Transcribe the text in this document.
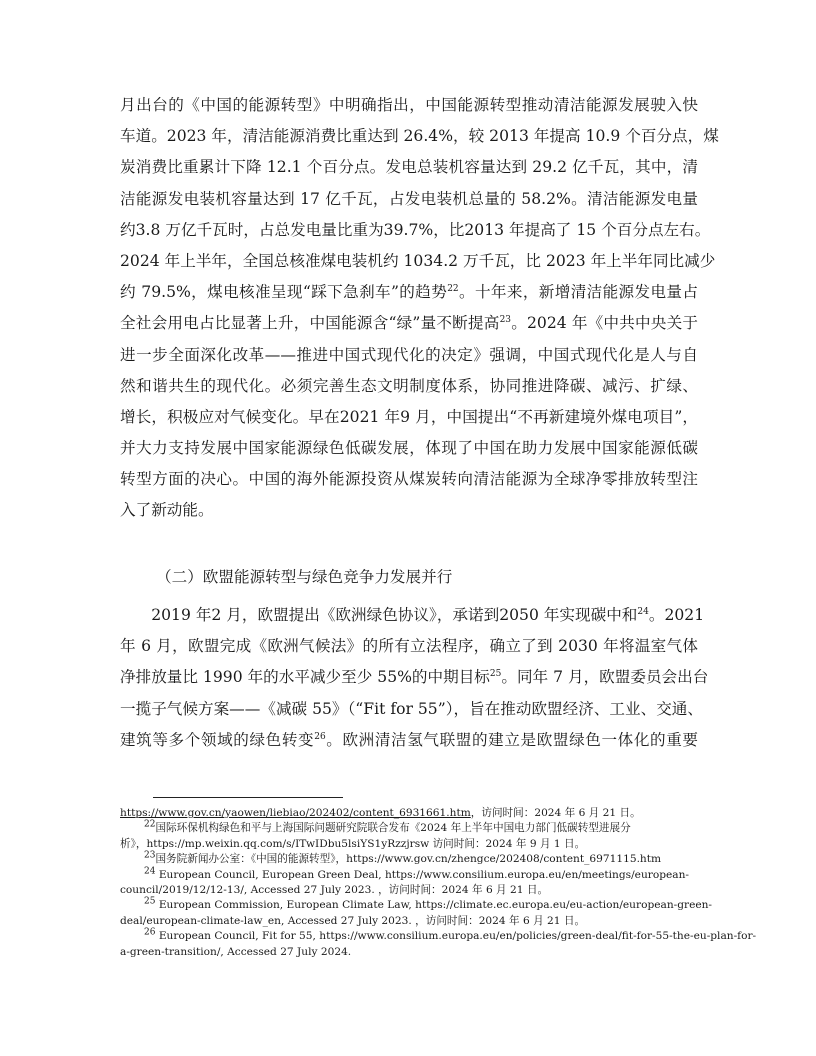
月出台的《中国的能源转型》中明确指出，中国能源转型推动清洁能源发展驶入快
车道。2023 年，清洁能源消费比重达到 26.4%，较 2013 年提高 10.9 个百分点，煤
炭消费比重累计下降 12.1 个百分点。发电总装机容量达到 29.2 亿千瓦，其中，清
洁能源发电装机容量达到 17 亿千瓦，占发电装机总量的 58.2%。清洁能源发电量
约3.8 万亿千瓦时，占总发电量比重为39.7%，比2013 年提高了 15 个百分点左右。
2024 年上半年，全国总核准煤电装机约 1034.2 万千瓦，比 2023 年上半年同比减少
约 79.5%，煤电核准呈现“踩下急刹车”的趋势$^{22}$。十年来，新增清洁能源发电量占
全社会用电占比显著上升，中国能源含“绿”量不断提高$^{23}$。2024 年《中共中央关于
进一步全面深化改革——推进中国式现代化的决定》强调，中国式现代化是人与自
然和谐共生的现代化。必须完善生态文明制度体系，协同推进降碳、减污、扩绿、
增长，积极应对气候变化。早在2021 年9 月，中国提出“不再新建境外煤电项目”，
并大力支持发展中国家能源绿色低碳发展，体现了中国在助力发展中国家能源低碳
转型方面的决心。中国的海外能源投资从煤炭转向清洁能源为全球净零排放转型注
入了新动能。
（二）欧盟能源转型与绿色竞争力发展并行
　　2019 年2 月，欧盟提出《欧洲绿色协议》，承诺到2050 年实现碳中和$^{24}$。2021
年 6 月，欧盟完成《欧洲气候法》的所有立法程序，确立了到 2030 年将温室气体
净排放量比 1990 年的水平减少至少 55%的中期目标$^{25}$。同年 7 月，欧盟委员会出台
一揽子气候方案——《减碳 55》（“Fit for 55”），旨在推动欧盟经济、工业、交通、
建筑等多个领域的绿色转变$^{26}$。欧洲清洁氢气联盟的建立是欧盟绿色一体化的重要
https://www.gov.cn/yaowen/liebiao/202402/content_6931661.htm，访问时间：2024 年 6 月 21 日。
$^{22}$国际环保机构绿色和平与上海国际问题研究院联合发布《2024 年上半年中国电力部门低碳转型进展分
析》，https://mp.weixin.qq.com/s/ITwIDbu5lsiYS1yRzzjrsw 访问时间：2024 年 9 月 1 日。
$^{23}$国务院新闻办公室：《中国的能源转型》，https://www.gov.cn/zhengce/202408/content_6971115.htm
$^{24}$ European Council, European Green Deal, https://www.consilium.europa.eu/en/meetings/european-
council/2019/12/12-13/, Accessed 27 July 2023. ，访问时间：2024 年 6 月 21 日。
$^{25}$ European Commission, European Climate Law, https://climate.ec.europa.eu/eu-action/european-green-
deal/european-climate-law_en, Accessed 27 July 2023. ，访问时间：2024 年 6 月 21 日。
$^{26}$ European Council, Fit for 55, https://www.consilium.europa.eu/en/policies/green-deal/fit-for-55-the-eu-plan-for-
a-green-transition/, Accessed 27 July 2024.
